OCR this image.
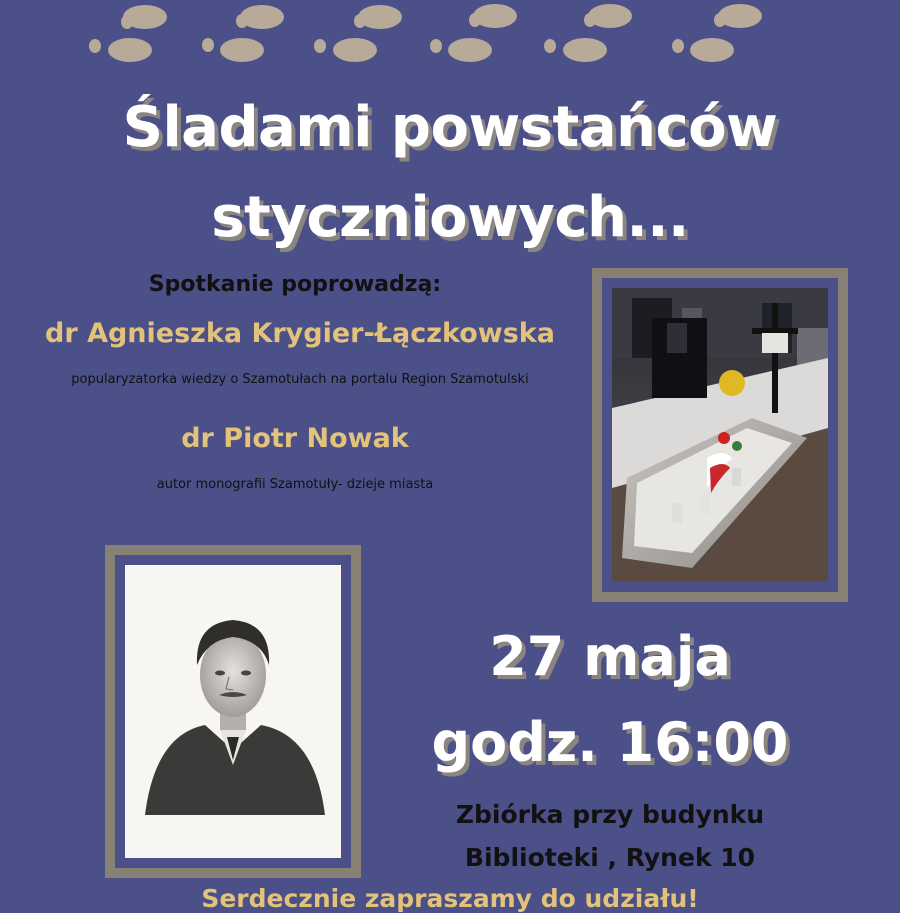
Śladami powstańców
styczniowych...
Spotkanie poprowadzą:
dr Agnieszka Krygier-Łączkowska
popularyzatorka wiedzy o Szamotułach na portalu Region Szamotulski
dr Piotr Nowak
autor monografii Szamotuły- dzieje miasta
27 maja
godz. 16:00
Zbiórka przy budynku
Biblioteki , Rynek 10
Serdecznie zapraszamy do udziału!
